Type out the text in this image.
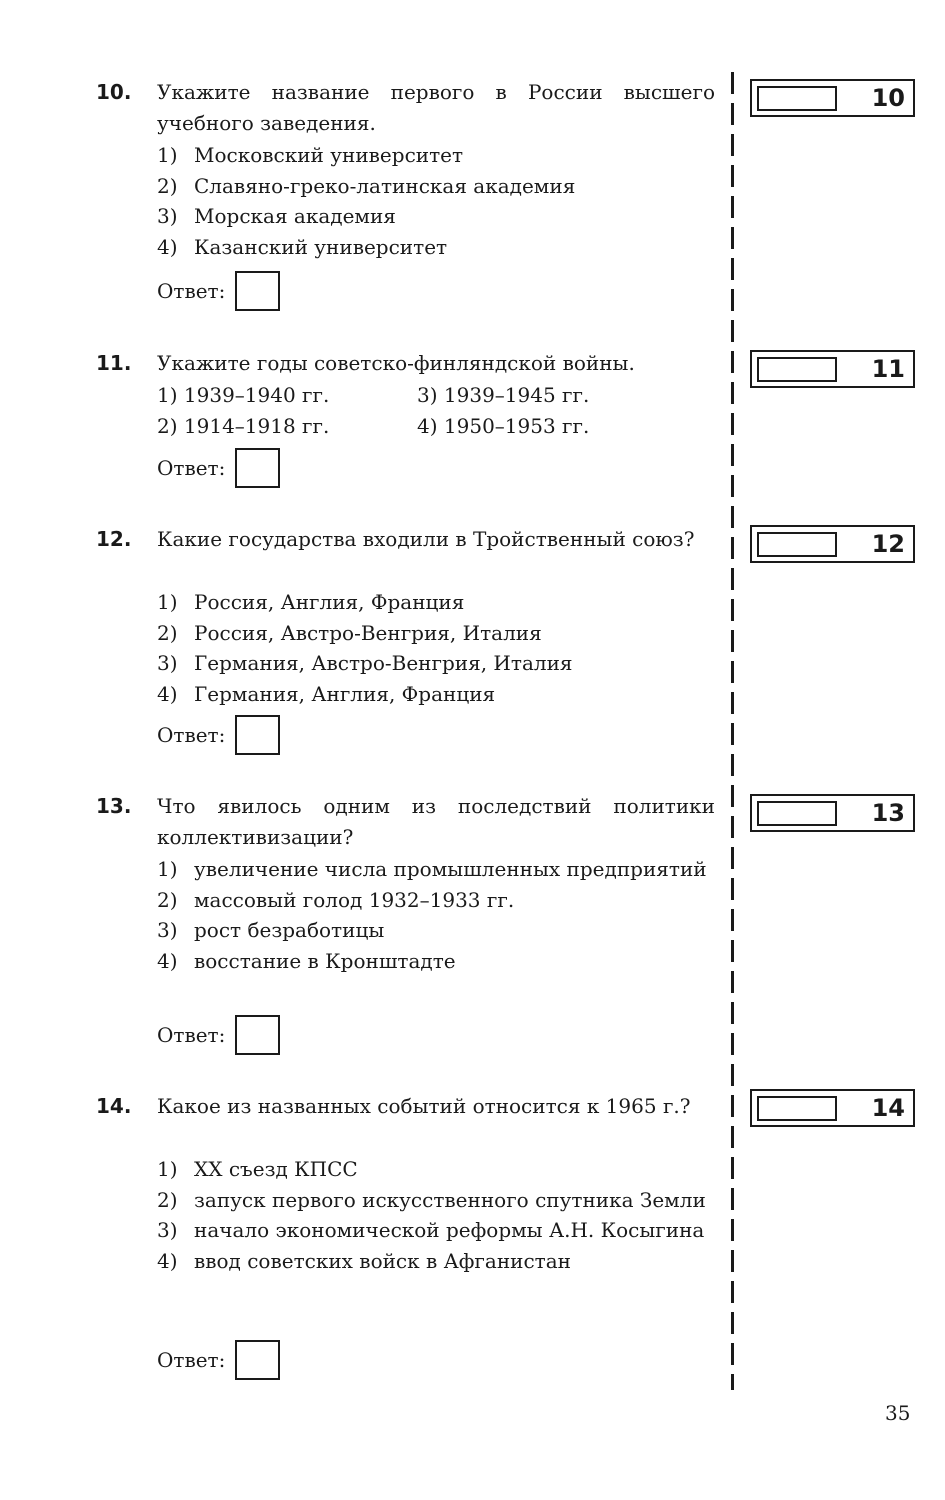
10. Укажите название первого в России высшего учебного заведения.

1) Московский университет
2) Славяно-греко-латинская академия
3) Морская академия
4) Казанский университет
Ответ:
10
11. Укажите годы советско-финляндской войны.

1) 1939–1940 гг.	3) 1939–1945 гг.
2) 1914–1918 гг.	4) 1950–1953 гг.
Ответ:
11
12. Какие государства входили в Тройственный союз?

1) Россия, Англия, Франция
2) Россия, Австро-Венгрия, Италия
3) Германия, Австро-Венгрия, Италия
4) Германия, Англия, Франция
Ответ:
12
13. Что явилось одним из последствий политики коллективизации?

1) увеличение числа промышленных предприятий
2) массовый голод 1932–1933 гг.
3) рост безработицы
4) восстание в Кронштадте
Ответ:
13
14. Какое из названных событий относится к 1965 г.?

1) XX съезд КПСС
2) запуск первого искусственного спутника Земли
3) начало экономической реформы А.Н. Косыгина
4) ввод советских войск в Афганистан
Ответ:
14
35
